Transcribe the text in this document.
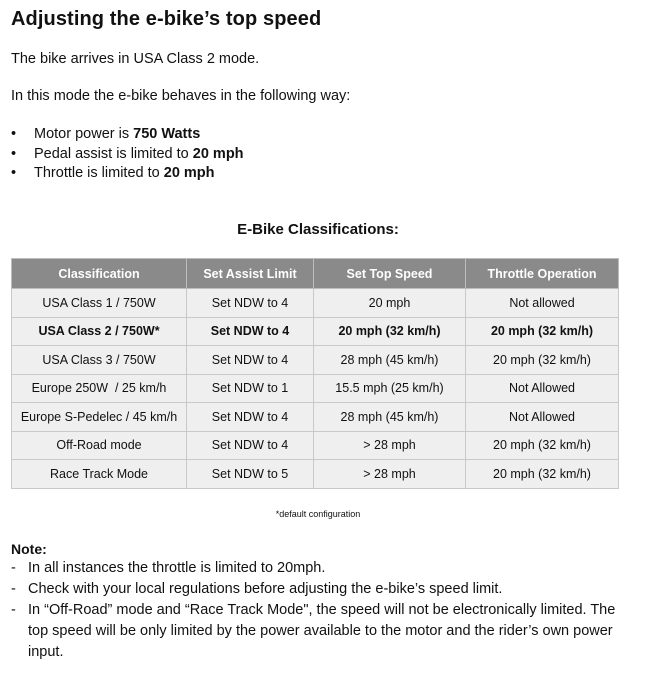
Adjusting the e-bike’s top speed
The bike arrives in USA Class 2 mode.
In this mode the e-bike behaves in the following way:
• Motor power is 750 Watts
• Pedal assist is limited to 20 mph
• Throttle is limited to 20 mph
E-Bike Classifications:
Classification	Set Assist Limit	Set Top Speed	Throttle Operation
USA Class 1 / 750W	Set NDW to 4	20 mph	Not allowed
USA Class 2 / 750W*	Set NDW to 4	20 mph (32 km/h)	20 mph (32 km/h)
USA Class 3 / 750W	Set NDW to 4	28 mph (45 km/h)	20 mph (32 km/h)
Europe 250W  / 25 km/h	Set NDW to 1	15.5 mph (25 km/h)	Not Allowed
Europe S-Pedelec / 45 km/h	Set NDW to 4	28 mph (45 km/h)	Not Allowed
Off-Road mode	Set NDW to 4	> 28 mph	20 mph (32 km/h)
Race Track Mode	Set NDW to 5	> 28 mph	20 mph (32 km/h)
*default configuration
Note:
- In all instances the throttle is limited to 20mph.
- Check with your local regulations before adjusting the e-bike’s speed limit.
- In “Off-Road” mode and “Race Track Mode", the speed will not be electronically limited. The top speed will be only limited by the power available to the motor and the rider’s own power input.
